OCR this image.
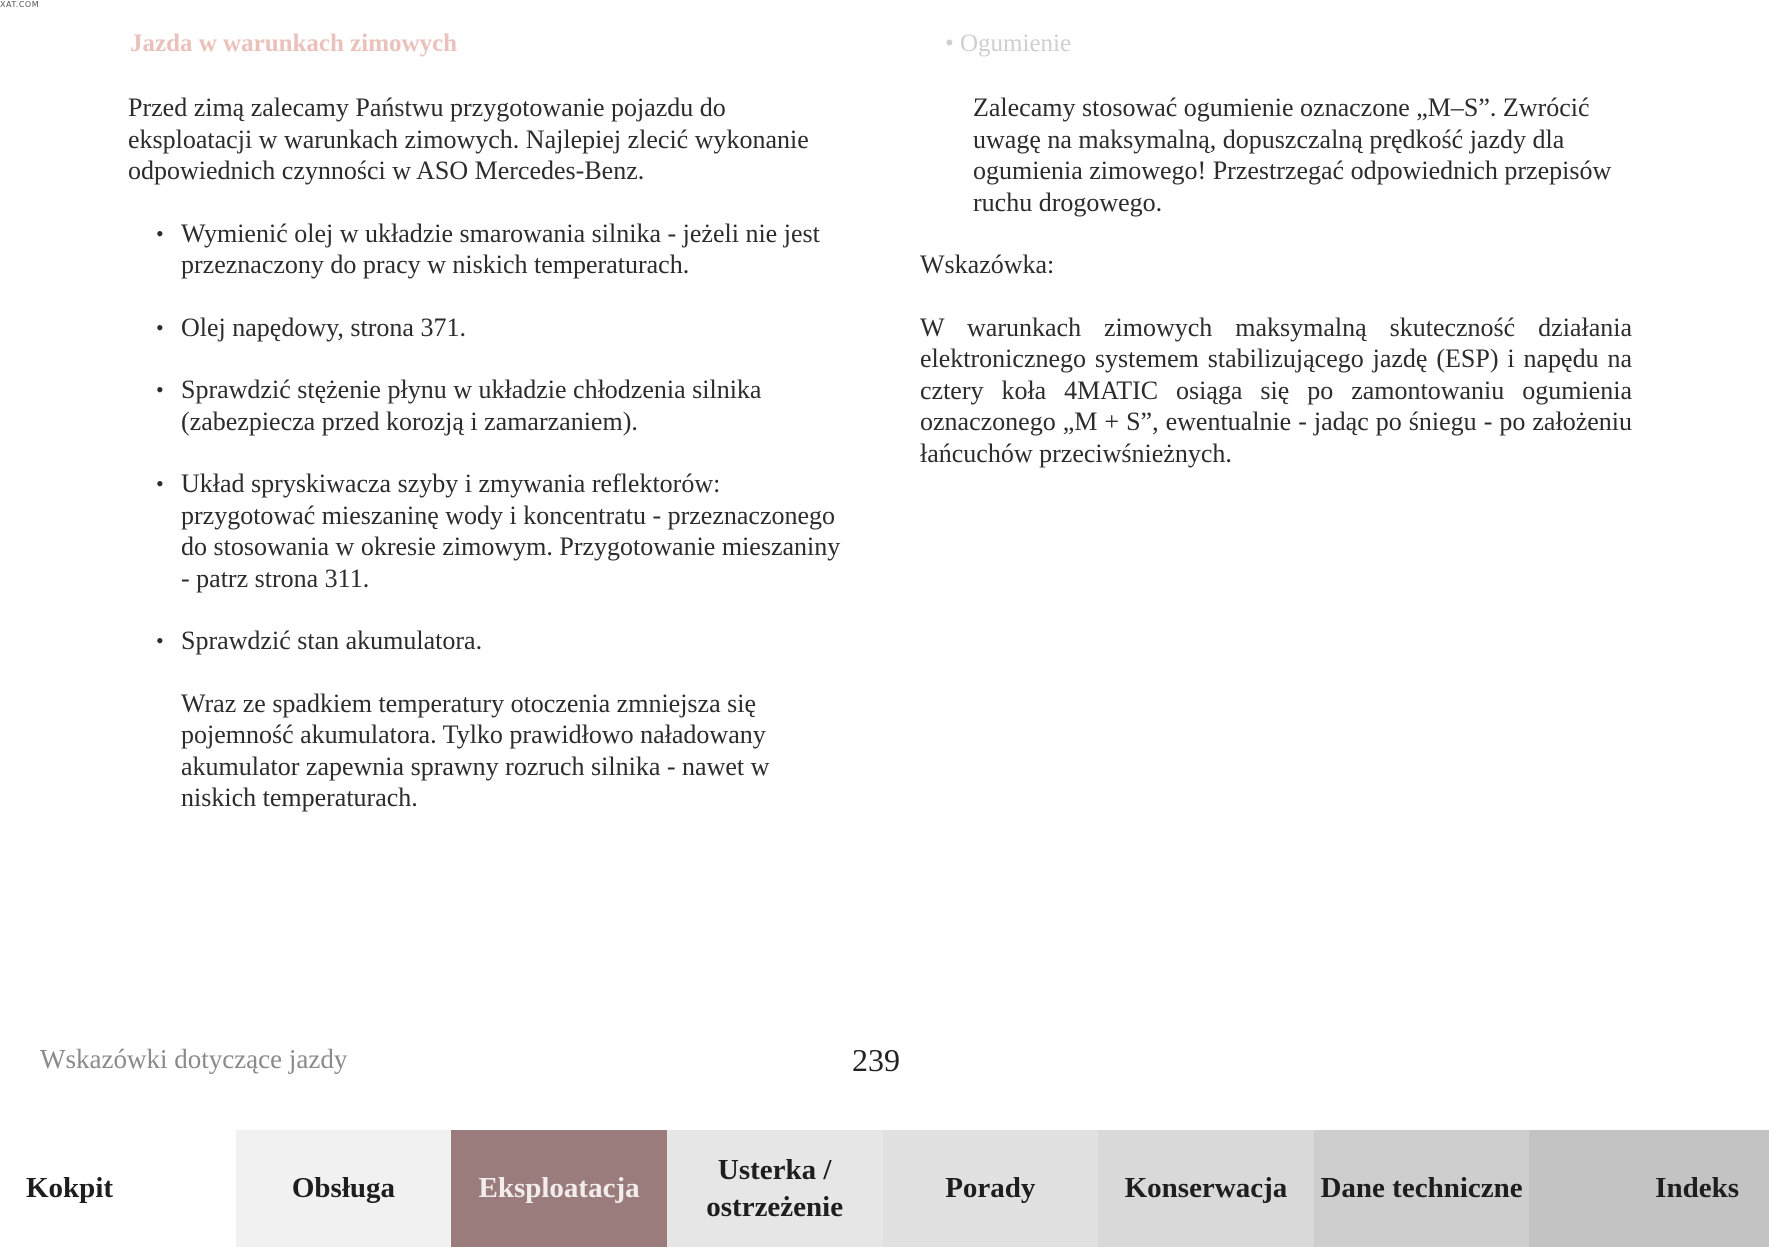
XAT.COM
Jazda w warunkach zimowych	• Ogumienie

Przed zimą zalecamy Państwu przygotowanie pojazdu do eksploatacji w warunkach zimowych. Najlepiej zlecić wykonanie odpowiednich czynności w ASO Mercedes-Benz.

• Wymienić olej w układzie smarowania silnika - jeżeli nie jest przeznaczony do pracy w niskich temperaturach.
• Olej napędowy, strona 371.
• Sprawdzić stężenie płynu w układzie chłodzenia silnika (zabezpiecza przed korozją i zamarzaniem).
• Układ spryskiwacza szyby i zmywania reflektorów: przygotować mieszaninę wody i koncentratu - przeznaczonego do stosowania w okresie zimowym. Przygotowanie mieszaniny - patrz strona 311.
• Sprawdzić stan akumulatora.

Wraz ze spadkiem temperatury otoczenia zmniejsza się pojemność akumulatora. Tylko prawidłowo naładowany akumulator zapewnia sprawny rozruch silnika - nawet w niskich temperaturach.

Zalecamy stosować ogumienie oznaczone „M–S”. Zwrócić uwagę na maksymalną, dopuszczalną prędkość jazdy dla ogumienia zimowego! Przestrzegać odpowiednich przepisów ruchu drogowego.

Wskazówka:

W warunkach zimowych maksymalną skuteczność działania elektronicznego systemem stabilizującego jazdę (ESP) i napędu na cztery koła 4MATIC osiąga się po zamontowaniu ogumienia oznaczonego „M + S”, ewentualnie - jadąc po śniegu - po założeniu łańcuchów przeciwśnieżnych.

Wskazówki dotyczące jazdy	239
Kokpit	Obsługa	Eksploatacja
Usterka / ostrzeżenie
Porady	Konserwacja	Dane techniczne	Indeks
